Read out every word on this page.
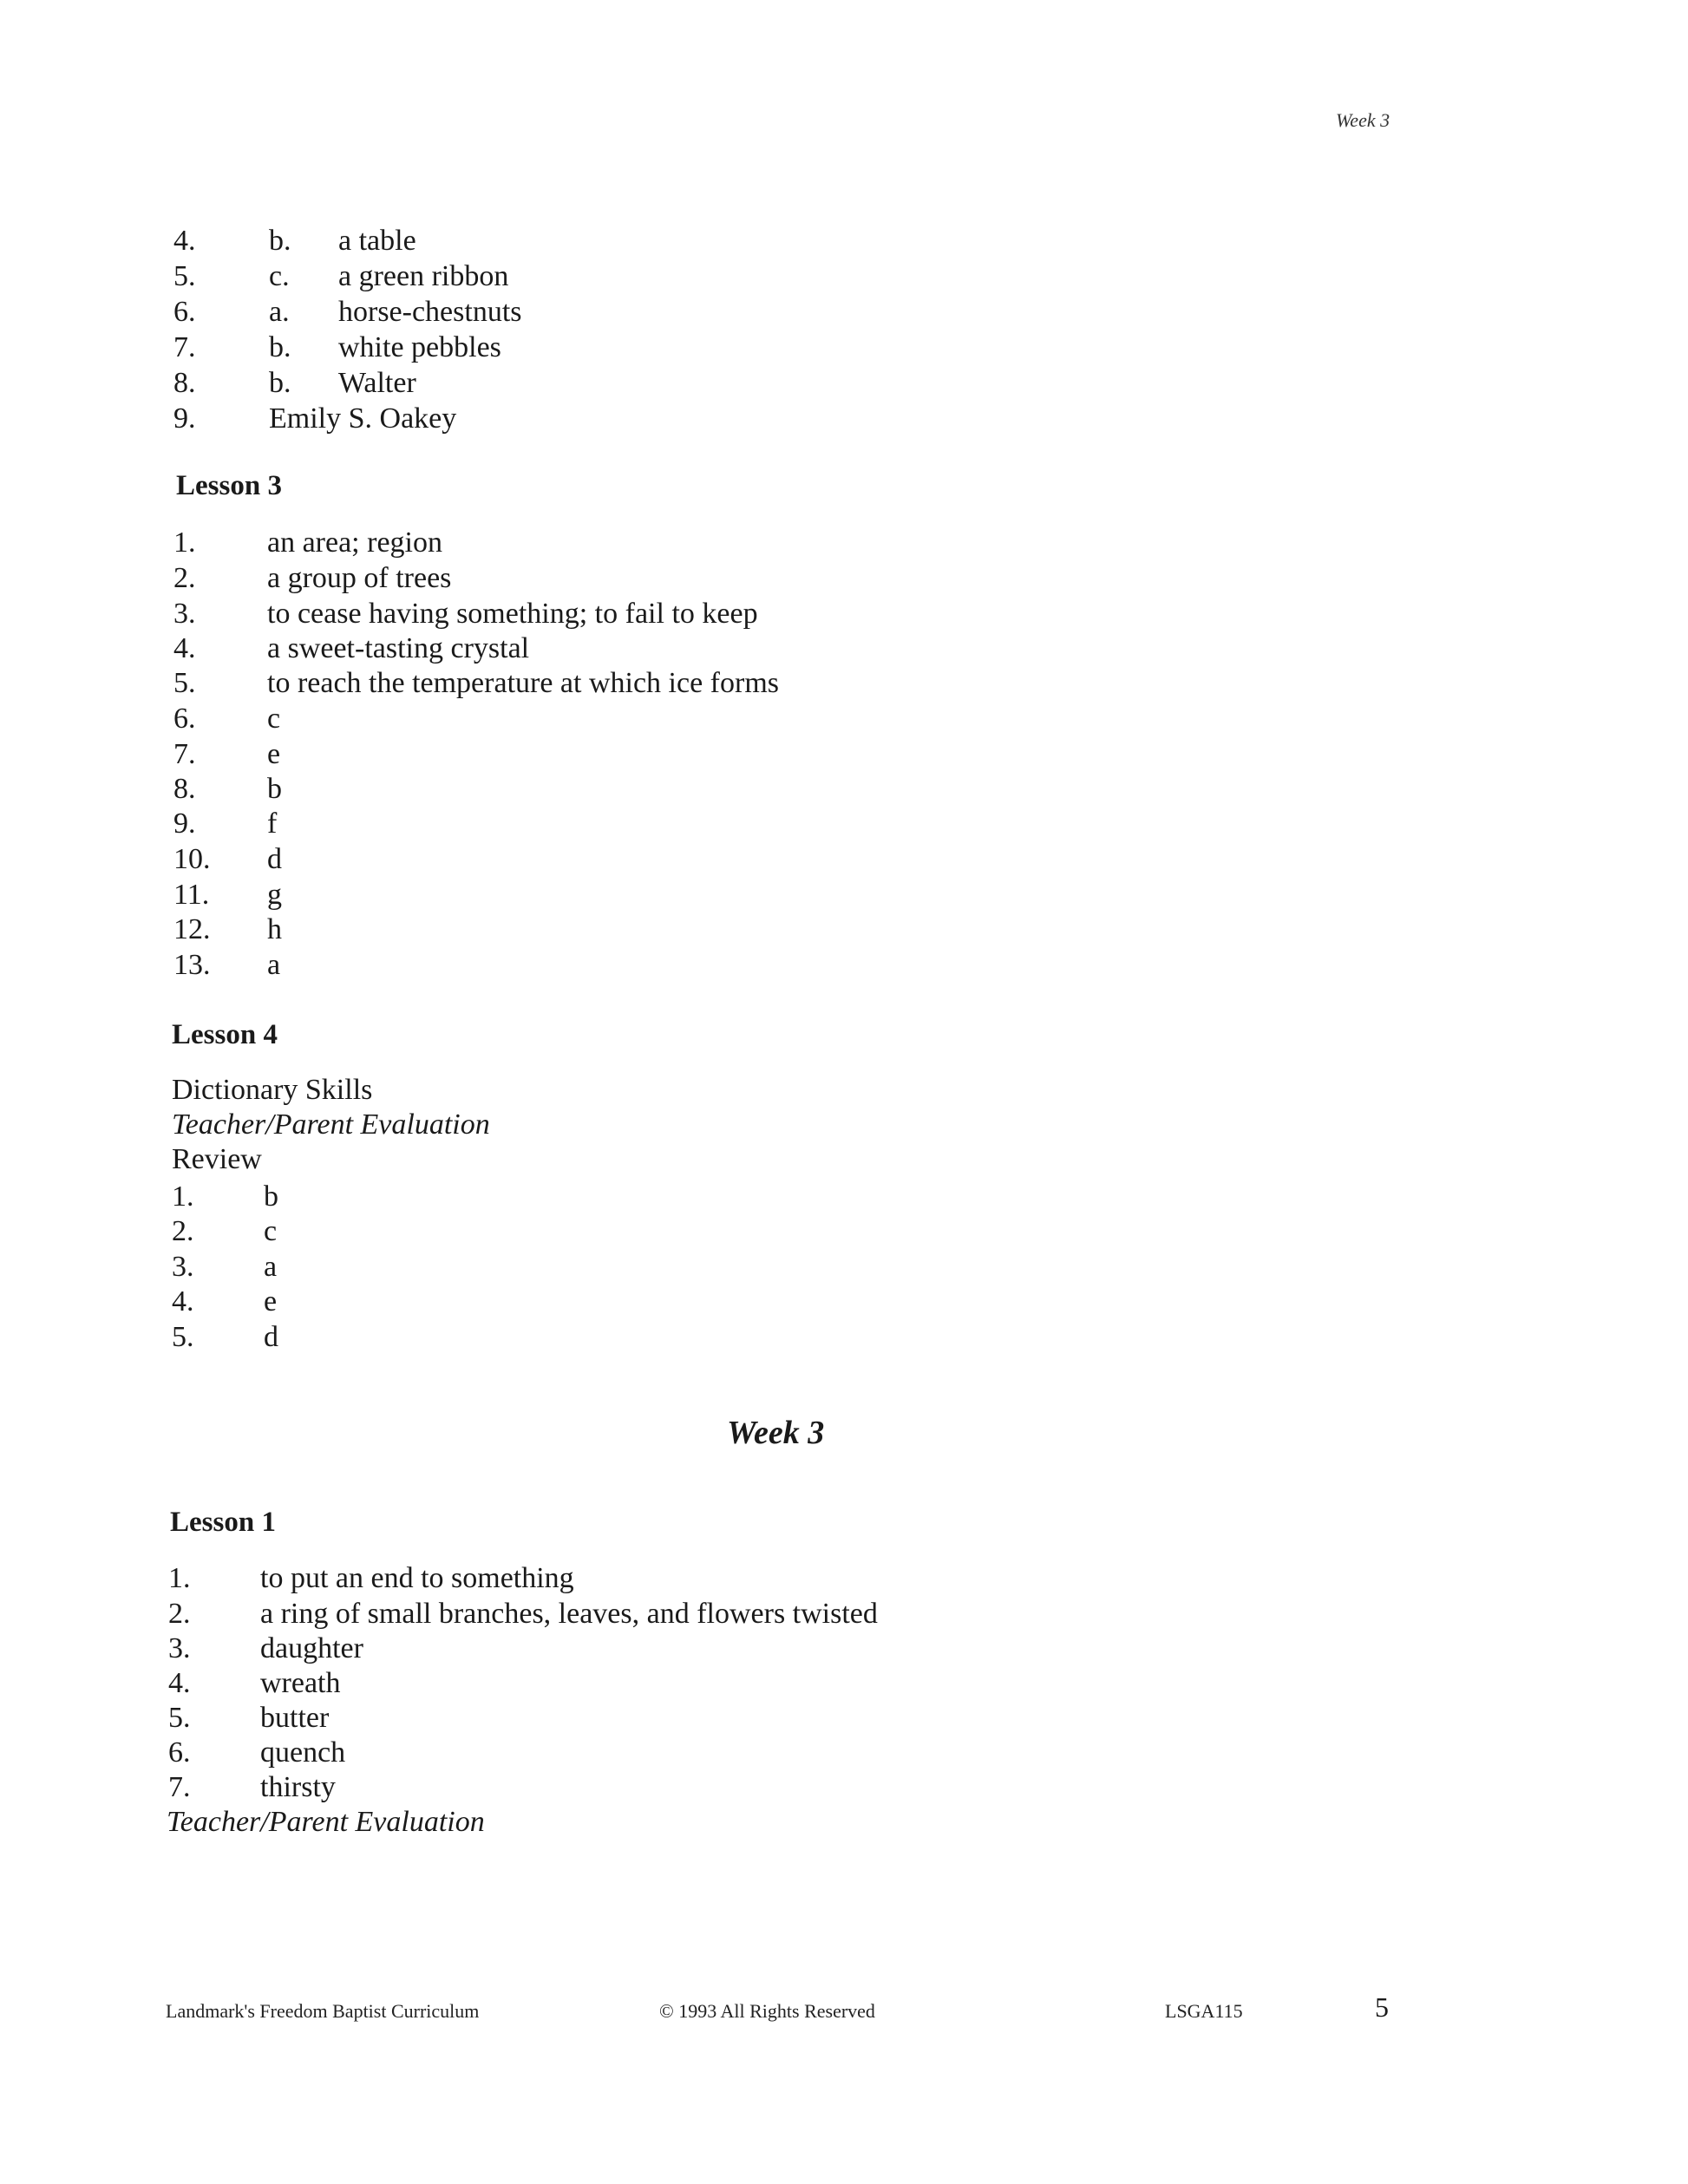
Week 3
4. b. a table
5. c. a green ribbon
6. a. horse-chestnuts
7. b. white pebbles
8. b. Walter
9. Emily S. Oakey
Lesson 3
1. an area; region
2. a group of trees
3. to cease having something; to fail to keep
4. a sweet-tasting crystal
5. to reach the temperature at which ice forms
6. c
7. e
8. b
9. f
10. d
11. g
12. h
13. a
Lesson 4
Dictionary Skills
Teacher/Parent Evaluation
Review
1. b
2. c
3. a
4. e
5. d
Week 3
Lesson 1
1. to put an end to something
2. a ring of small branches, leaves, and flowers twisted
3. daughter
4. wreath
5. butter
6. quench
7. thirsty
Teacher/Parent Evaluation
Landmark's Freedom Baptist Curriculum	© 1993 All Rights Reserved	LSGA115	5
